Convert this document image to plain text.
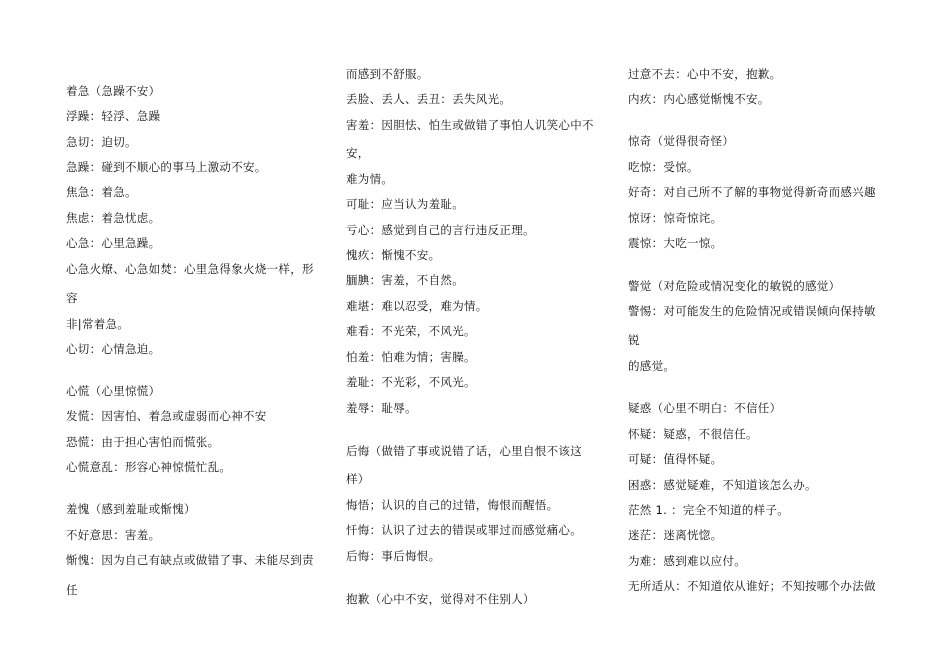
着急（急躁不安）
浮躁：轻浮、急躁
急切：迫切。
急躁：碰到不顺心的事马上激动不安。
焦急：着急。
焦虑：着急忧虑。
心急：心里急躁。
心急火燎、心急如焚：心里急得象火烧一样，形
容
非|常着急。
心切：心情急迫。
心慌（心里惊慌）
发慌：因害怕、着急或虚弱而心神不安
恐慌：由于担心害怕而慌张。
心慌意乱：形容心神惊慌忙乱。
羞愧（感到羞耻或惭愧）
不好意思：害羞。
惭愧：因为自己有缺点或做错了事、未能尽到责
任
而感到不舒服。
丢脸、丢人、丢丑：丢失风光。
害羞：因胆怯、怕生或做错了事怕人讥笑心中不
安，
难为情。
可耻：应当认为羞耻。
亏心：感觉到自己的言行违反正理。
愧疚：惭愧不安。
腼腆：害羞，不自然。
难堪：难以忍受，难为情。
难看：不光荣，不风光。
怕羞：怕难为情；害臊。
羞耻：不光彩，不风光。
羞辱：耻辱。
后悔（做错了事或说错了话，心里自恨不该这
样）
悔悟；认识的自己的过错，悔恨而醒悟。
忏悔：认识了过去的错误或罪过而感觉痛心。
后悔：事后悔恨。
抱歉（心中不安，觉得对不住别人）
过意不去：心中不安，抱歉。
内疚：内心感觉惭愧不安。
惊奇（觉得很奇怪）
吃惊：受惊。
好奇：对自己所不了解的事物觉得新奇而感兴趣
惊讶：惊奇惊诧。
震惊：大吃一惊。
警觉（对危险或情况变化的敏锐的感觉）
警惕：对可能发生的危险情况或错误倾向保持敏
锐
的感觉。
疑惑（心里不明白：不信任）
怀疑：疑惑，不很信任。
可疑：值得怀疑。
困惑：感觉疑难，不知道该怎么办。
茫然 1. ：完全不知道的样子。
迷茫：迷离恍惚。
为难：感到难以应付。
无所适从：不知道依从谁好；不知按哪个办法做
